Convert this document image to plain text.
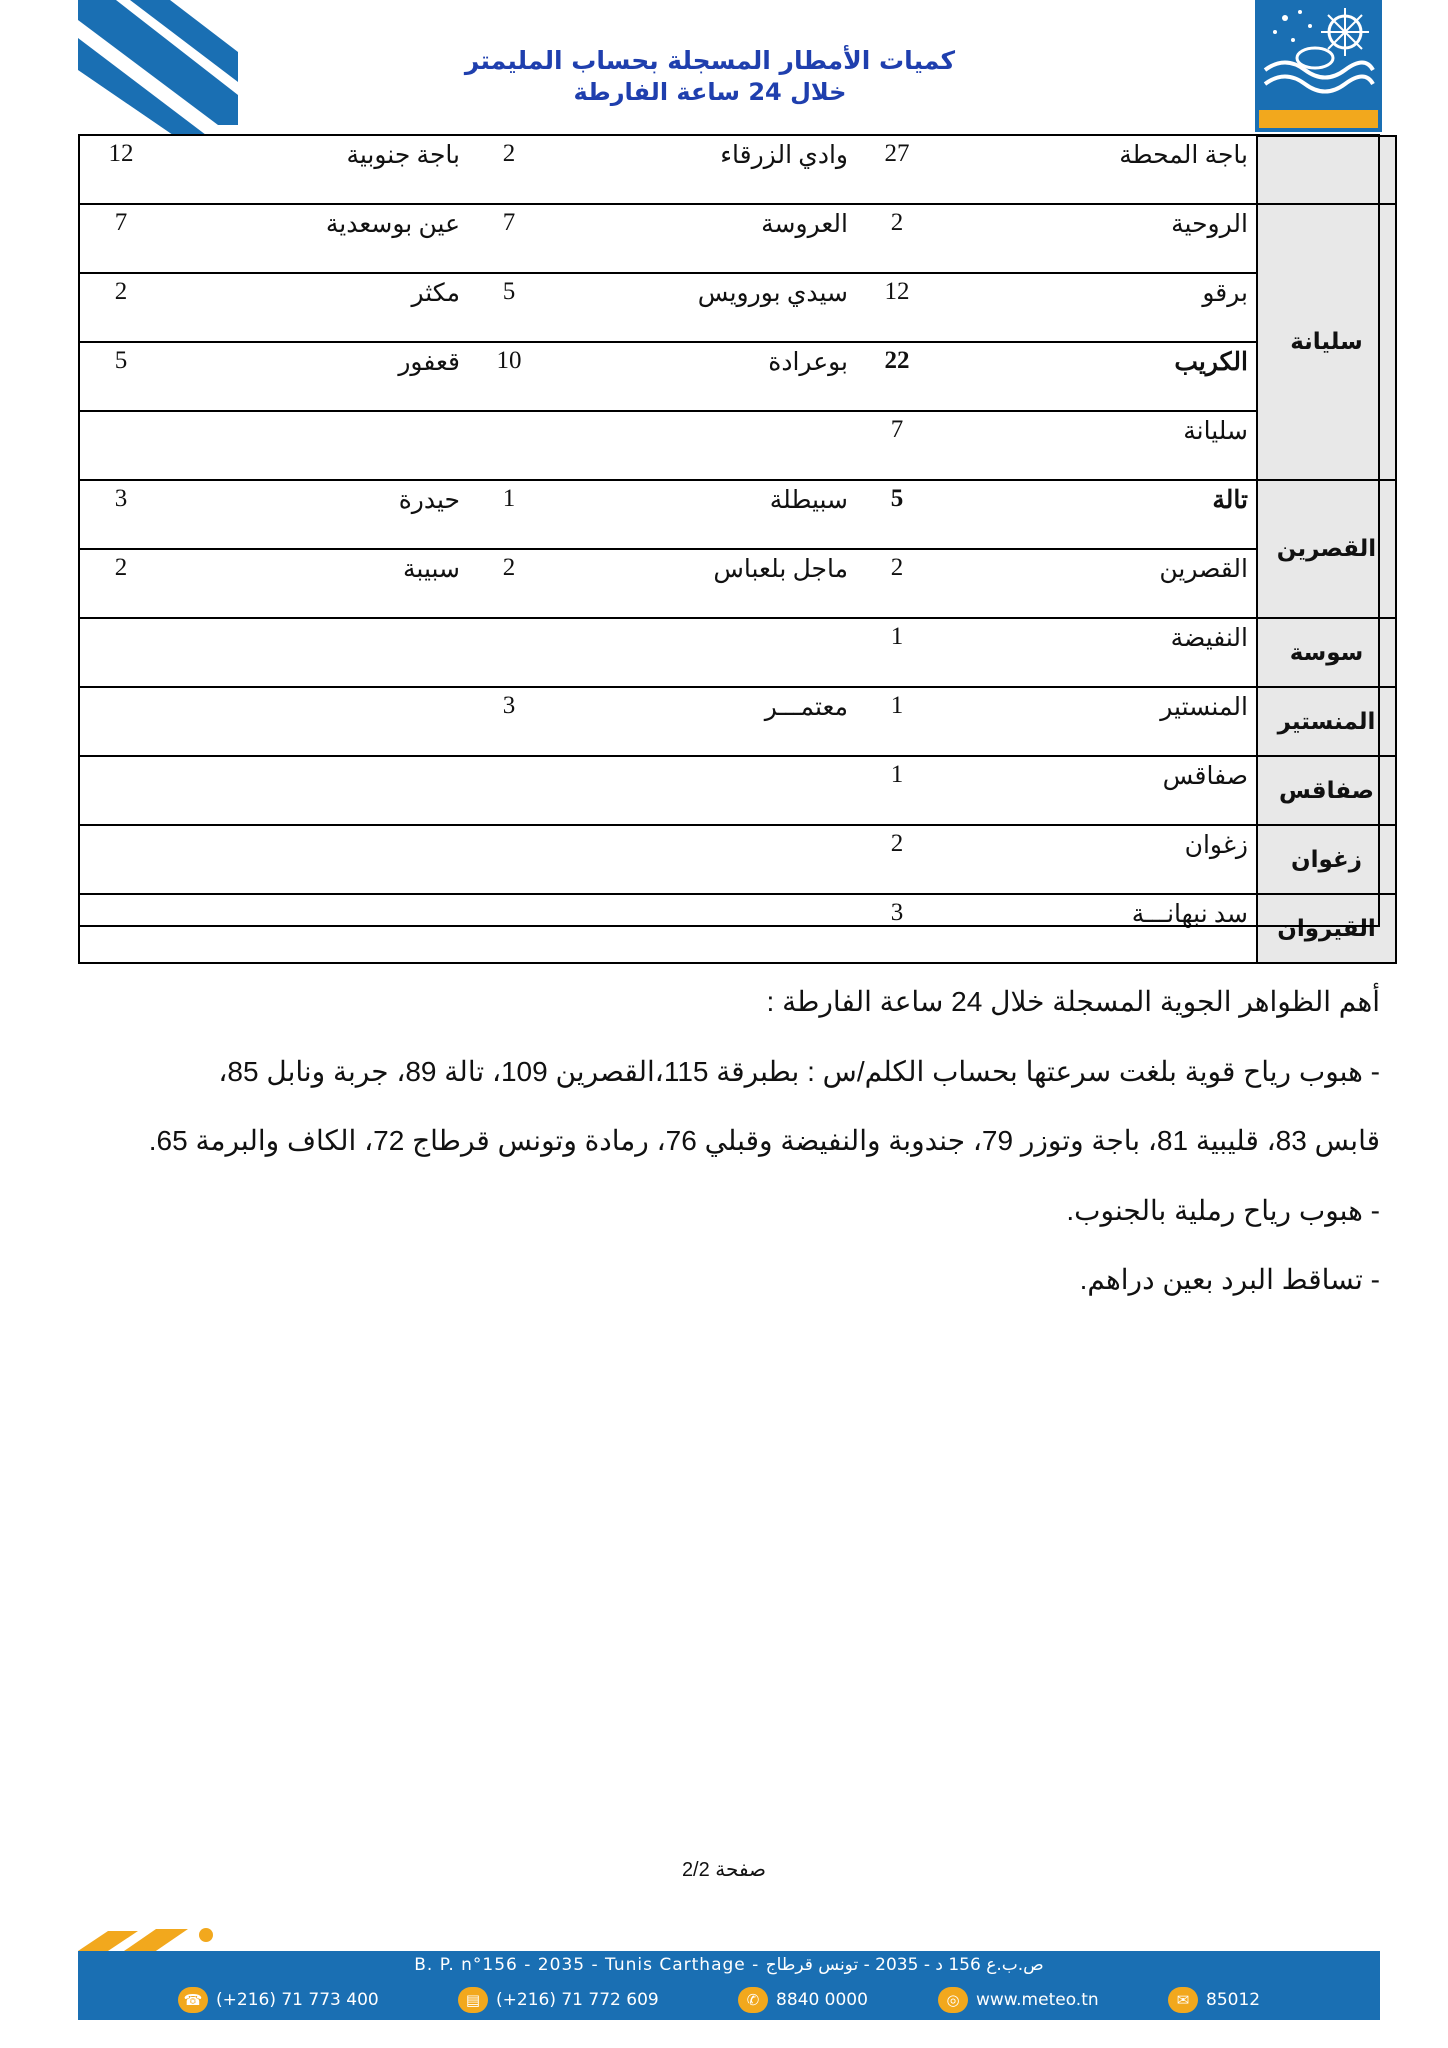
كميات الأمطار المسجلة بحساب المليمتر
خلال 24 ساعة الفارطة
	باجة المحطة	27	وادي الزرقاء	2	باجة جنوبية	12
سليانة	الروحية	2	العروسة	7	عين بوسعدية	7
	برقو	12	سيدي بورويس	5	مكثر	2
	الكريب	22	بوعرادة	10	قعفور	5
	سليانة	7				
القصرين	تالة	5	سبيطلة	1	حيدرة	3
	القصرين	2	ماجل بلعباس	2	سبيبة	2
سوسة	النفيضة	1				
المنستير	المنستير	1	معتمـــر	3		
صفاقس	صفاقس	1				
زغوان	زغوان	2				
القيروان	سد نبهانـــة	3				
أهم الظواهر الجوية المسجلة خلال 24 ساعة الفارطة :
- هبوب رياح قوية بلغت سرعتها بحساب الكلم/س : بطبرقة 115،القصرين 109، تالة 89، جربة ونابل 85،
قابس 83، قليبية 81، باجة وتوزر 79، جندوبة والنفيضة وقبلي 76، رمادة وتونس قرطاج 72، الكاف والبرمة 65.
- هبوب رياح رملية بالجنوب.
- تساقط البرد بعين دراهم.
صفحة 2/2
B. P. n°156 - 2035 - Tunis Carthage - ص.ب.ع 156 د - 2035 - تونس قرطاج
☎ (+216) 71 773 400	▤ (+216) 71 772 609	✆ 8840 0000	◎ www.meteo.tn	✉ 85012
